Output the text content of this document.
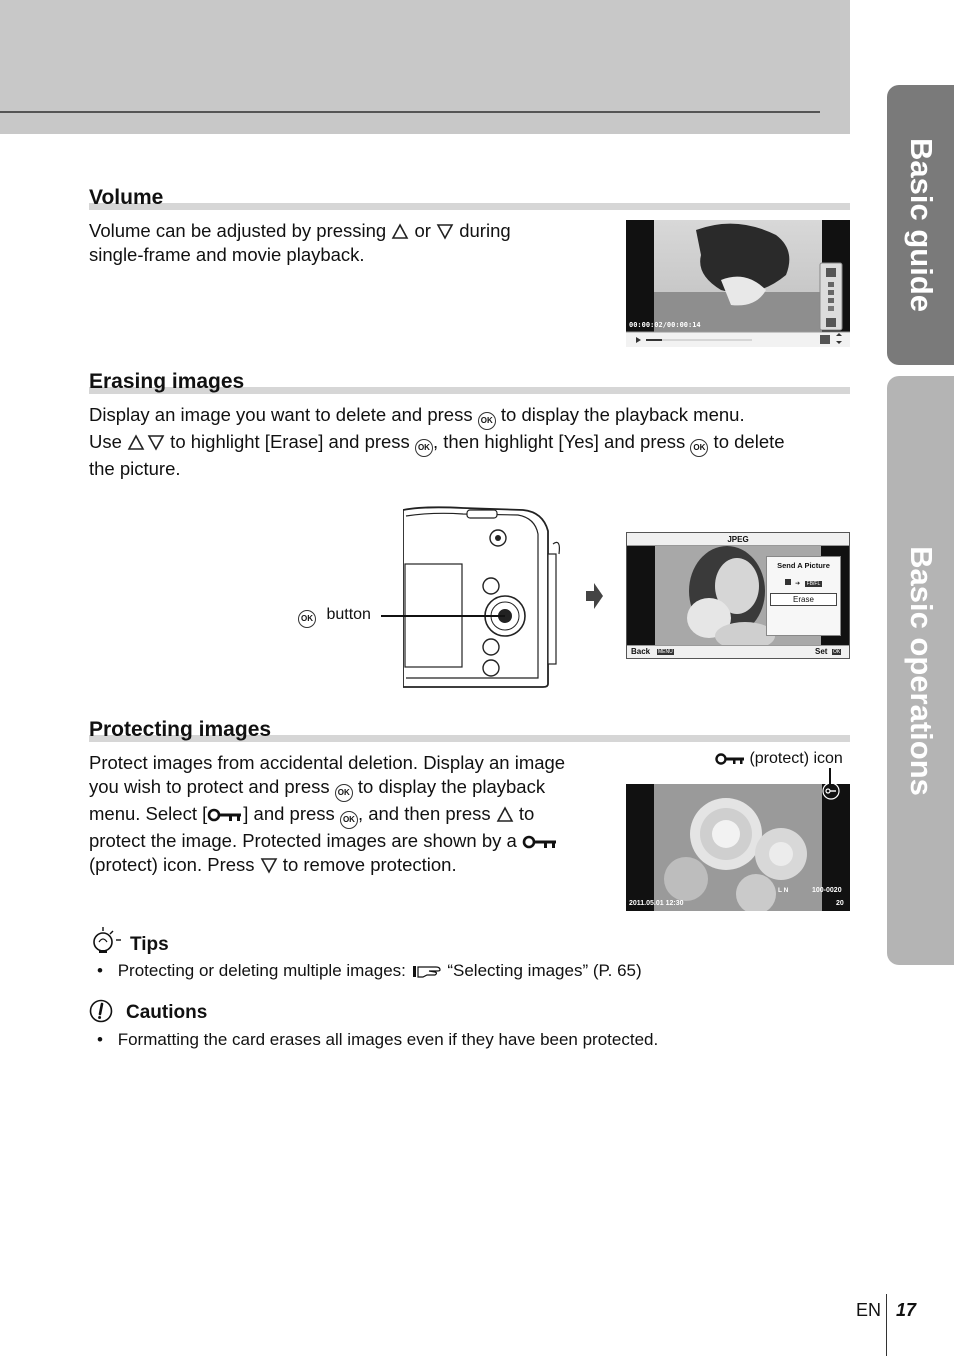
Basic guide
Basic operations
Volume
Volume can be adjusted by pressing  or  during
single-frame and movie playback.
00:00:02/00:00:14
Erasing images
Display an image you want to delete and press OK to display the playback menu.
Use  to highlight [Erase] and press OK , then highlight [Yes] and press OK to delete
the picture.
OK button
JPEG
Send A Picture
➔ FB/FL
Erase
Back MENU	Set OK
Protecting images
Protect images from accidental deletion. Display an image
you wish to protect and press OK to display the playback
menu. Select [ ] and press OK , and then press  to
protect the image. Protected images are shown by a
(protect) icon. Press  to remove protection.
(protect) icon
L N	100-0020
2011.05.01 12:30	20
Tips
• Protecting or deleting multiple images:  “Selecting images” (P. 65)
Cautions
• Formatting the card erases all images even if they have been protected.
EN 17
